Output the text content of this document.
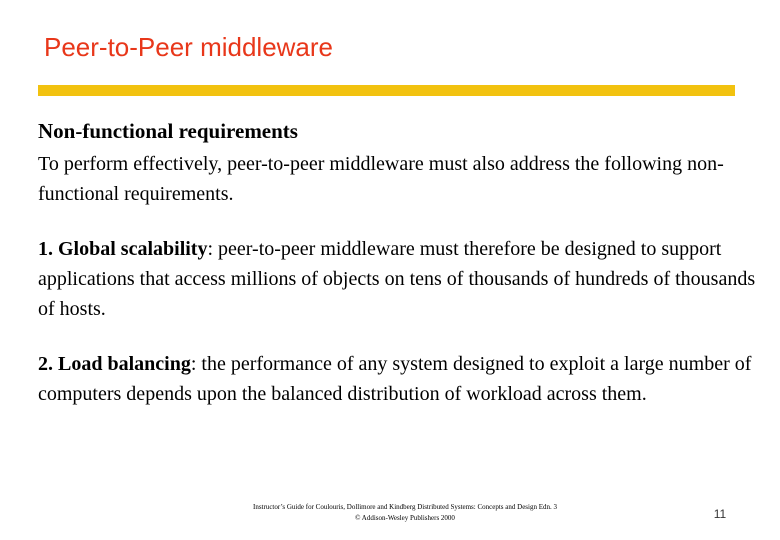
Peer-to-Peer middleware
Non-functional requirements
To perform effectively, peer-to-peer middleware must also address the following non-functional requirements.
1. Global scalability: peer-to-peer middleware must therefore be designed to support applications that access millions of objects on tens of thousands of hundreds of thousands of hosts.
2. Load balancing: the performance of any system designed to exploit a large number of computers depends upon the balanced distribution of workload across them.
Instructor’s Guide for Coulouris, Dollimore and Kindberg Distributed Systems: Concepts and Design Edn. 3
© Addison-Wesley Publishers 2000	11
